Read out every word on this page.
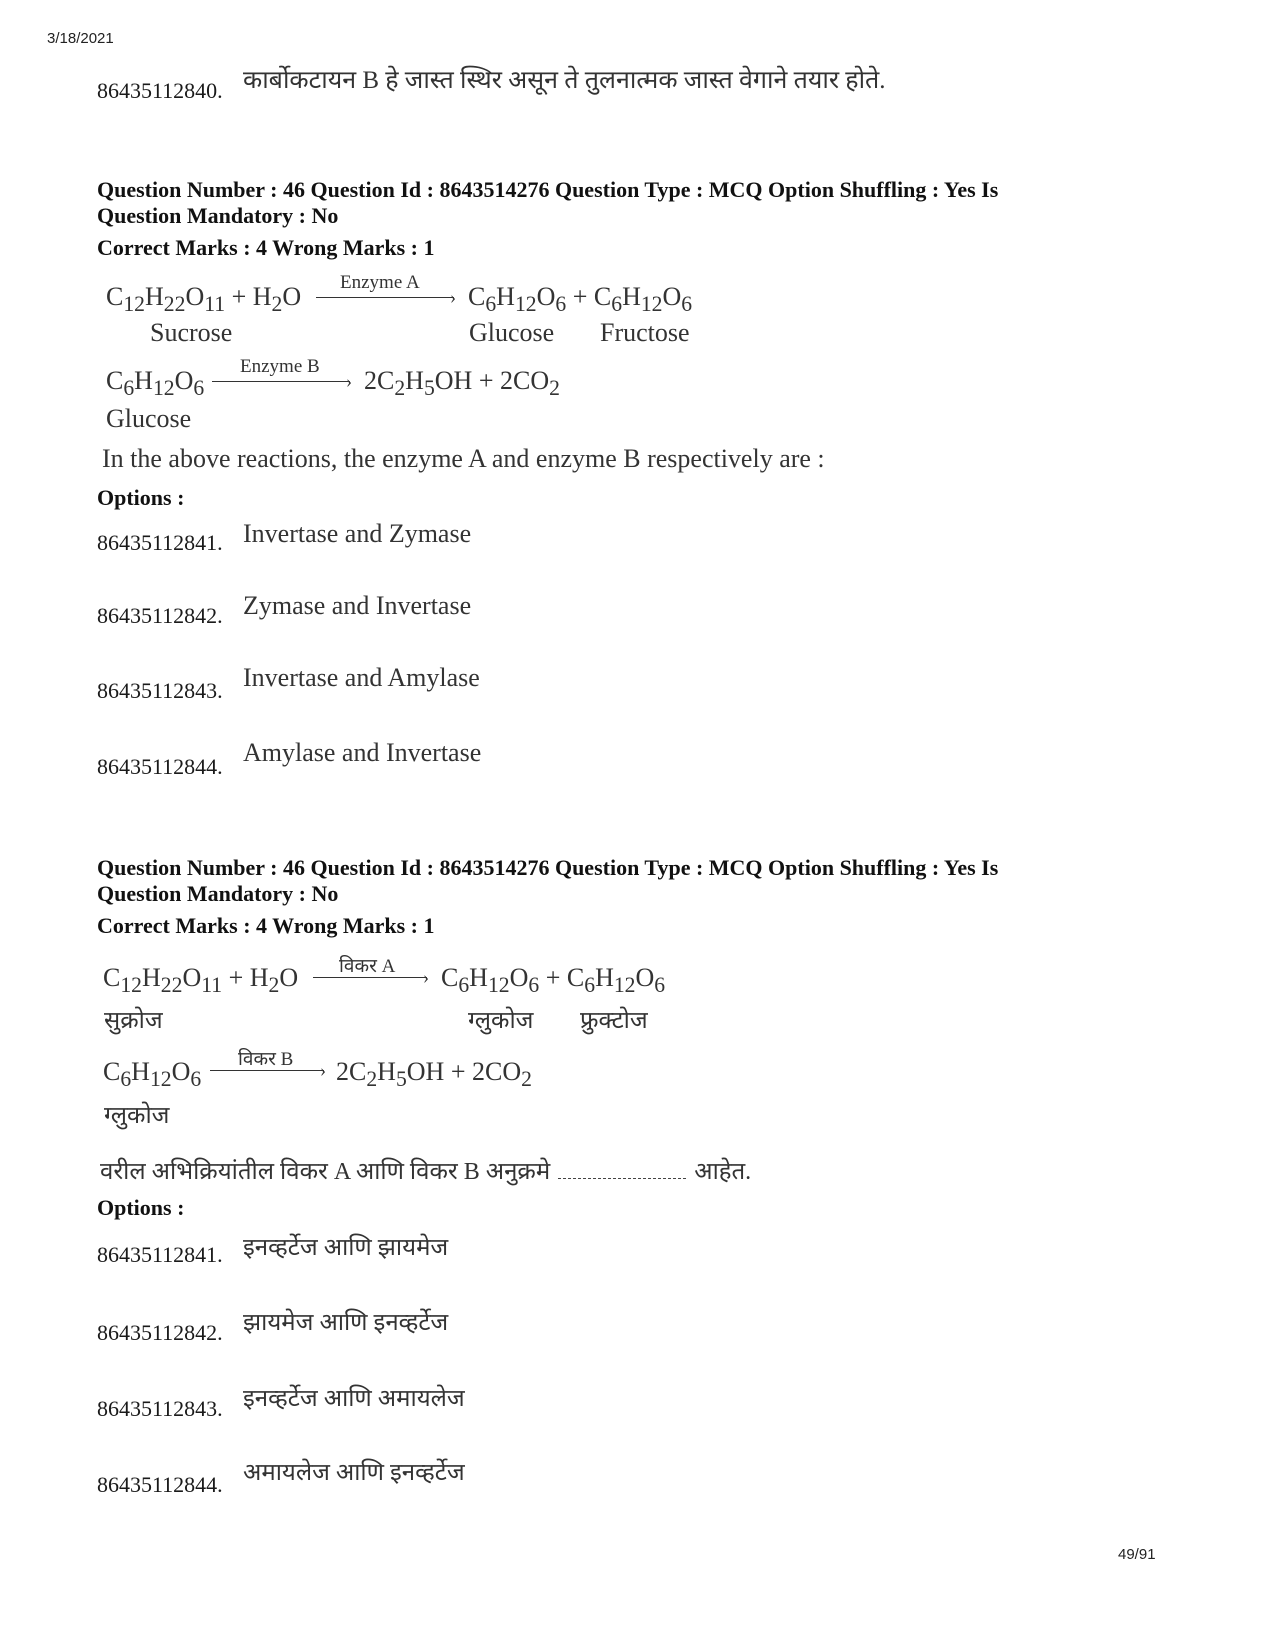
3/18/2021
86435112840. कार्बोकटायन B हे जास्त स्थिर असून ते तुलनात्मक जास्त वेगाने तयार होते.
Question Number : 46 Question Id : 8643514276 Question Type : MCQ Option Shuffling : Yes Is
Question Mandatory : No
Correct Marks : 4 Wrong Marks : 1
$C_{12}H_{22}O_{11} + H_2O$ Enzyme A
› $C_6H_{12}O_6 + C_6H_{12}O_6$
Sucrose	Glucose Fructose
$C_6H_{12}O_6$
Enzyme B
› $2C_2H_5OH + 2CO_2$
Glucose
In the above reactions, the enzyme A and enzyme B respectively are :
Options :
86435112841. Invertase and Zymase
86435112842. Zymase and Invertase
86435112843. Invertase and Amylase
86435112844. Amylase and Invertase
Question Number : 46 Question Id : 8643514276 Question Type : MCQ Option Shuffling : Yes Is
Question Mandatory : No
Correct Marks : 4 Wrong Marks : 1
$C_{12}H_{22}O_{11} + H_2O$ विकर A › $C_6H_{12}O_6 + C_6H_{12}O_6$
सुक्रोज	ग्लुकोज फ्रुक्टोज
$C_6H_{12}O_6$
विकर B › $2C_2H_5OH + 2CO_2$
ग्लुकोज
वरील अभिक्रियांतील विकर A आणि विकर B अनुक्रमे	आहेत.
Options :
86435112841. इनव्हर्टेज आणि झायमेज
86435112842. झायमेज आणि इनव्हर्टेज
86435112843. इनव्हर्टेज आणि अमायलेज
86435112844. अमायलेज आणि इनव्हर्टेज
49/91
